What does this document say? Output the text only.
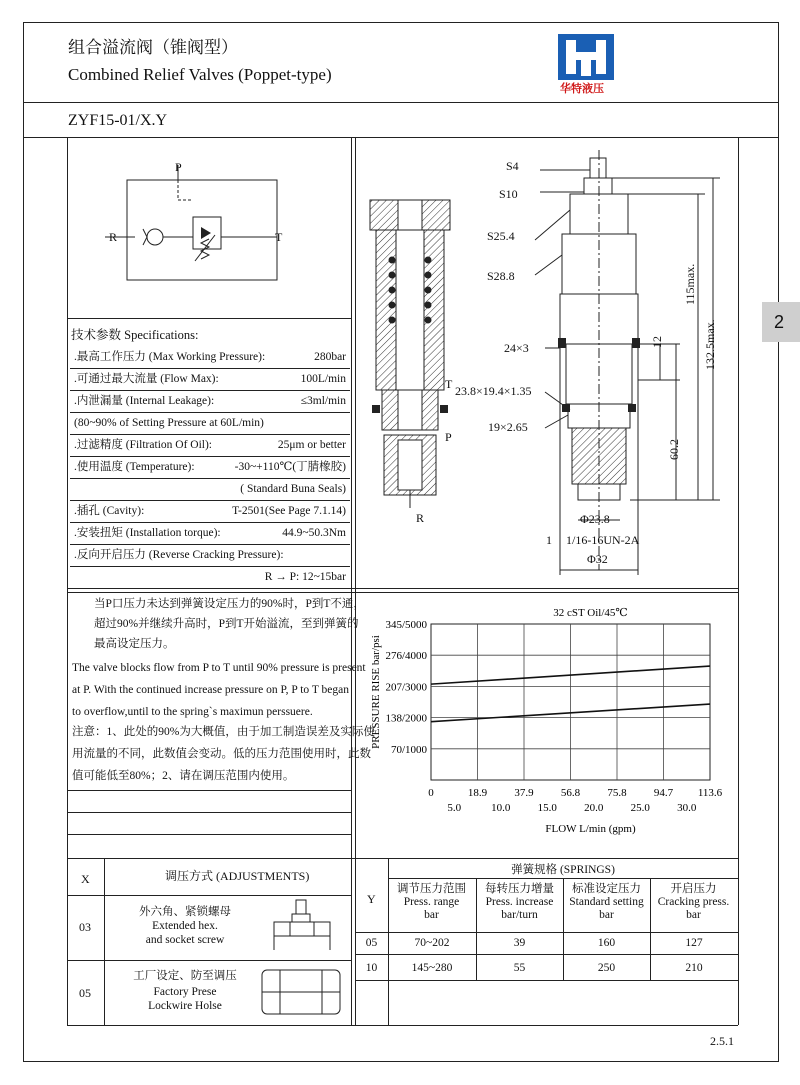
组合溢流阀（锥阀型）
Combined Relief Valves (Poppet-type)
华特液压
ZYF15-01/X.Y
2
P
R	T
技术参数 Specifications:
.最高工作压力 (Max Working Pressure):	280bar
.可通过最大流量 (Flow Max):	100L/min
.内泄漏量 (Internal Leakage):	≤3ml/min
(80~90% of Setting Pressure at 60L/min)
.过滤精度 (Filtration Of Oil):	25μm or better
.使用温度 (Temperature):	-30~+110℃(丁腈橡胶)
( Standard Buna Seals)
.插孔 (Cavity):	T-2501(See Page 7.1.14)
.安装扭矩 (Installation torque):	44.9~50.3Nm
.反向开启压力 (Reverse Cracking Pressure):
R → P: 12~15bar
T
P
R
S4
S10
S25.4
S28.8
24×3
23.8×19.4×1.35
19×2.65
Φ23.8
1 1/16-16UN-2A
Φ32
12
60.2
115max.
132.5max.
当P口压力未达到弹簧设定压力的90%时，P到T不通，
超过90%并继续升高时，P到T开始溢流，至到弹簧的
最高设定压力。
The valve blocks flow from P to T until 90% pressure is present
at P. With the continued increase pressure on P, P to T began
to overflow,until to the spring`s maximun perssuere.
注意：1、此处的90%为大概值，由于加工制造误差及实际使
用流量的不同，此数值会变动。低的压力范围使用时，此数
值可能低至80%；2、请在调压范围内使用。
0	18.9 37.9 56.8 75.8 94.7 113.6
5.0	10.0 15.0 20.0 25.0 30.0
70/1000
138/2000
207/3000
276/4000
345/5000
32 cST Oil/45℃
FLOW L/min (gpm)
PRESSURE RISE bar/psi
X	调压方式 (ADJUSTMENTS)
03
外六角、紧锁螺母
Extended hex.
and socket screw
05
工厂设定、防至调压
Factory Prese
Lockwire Holse
Y
弹簧规格 (SPRINGS)
调节压力范围
Press. range
bar
每转压力增量
Press. increase
bar/turn
标准设定压力
Standard setting
bar
开启压力
Cracking press.
bar
05	70~202	39	160	127
10	145~280	55	250	210
2.5.1
